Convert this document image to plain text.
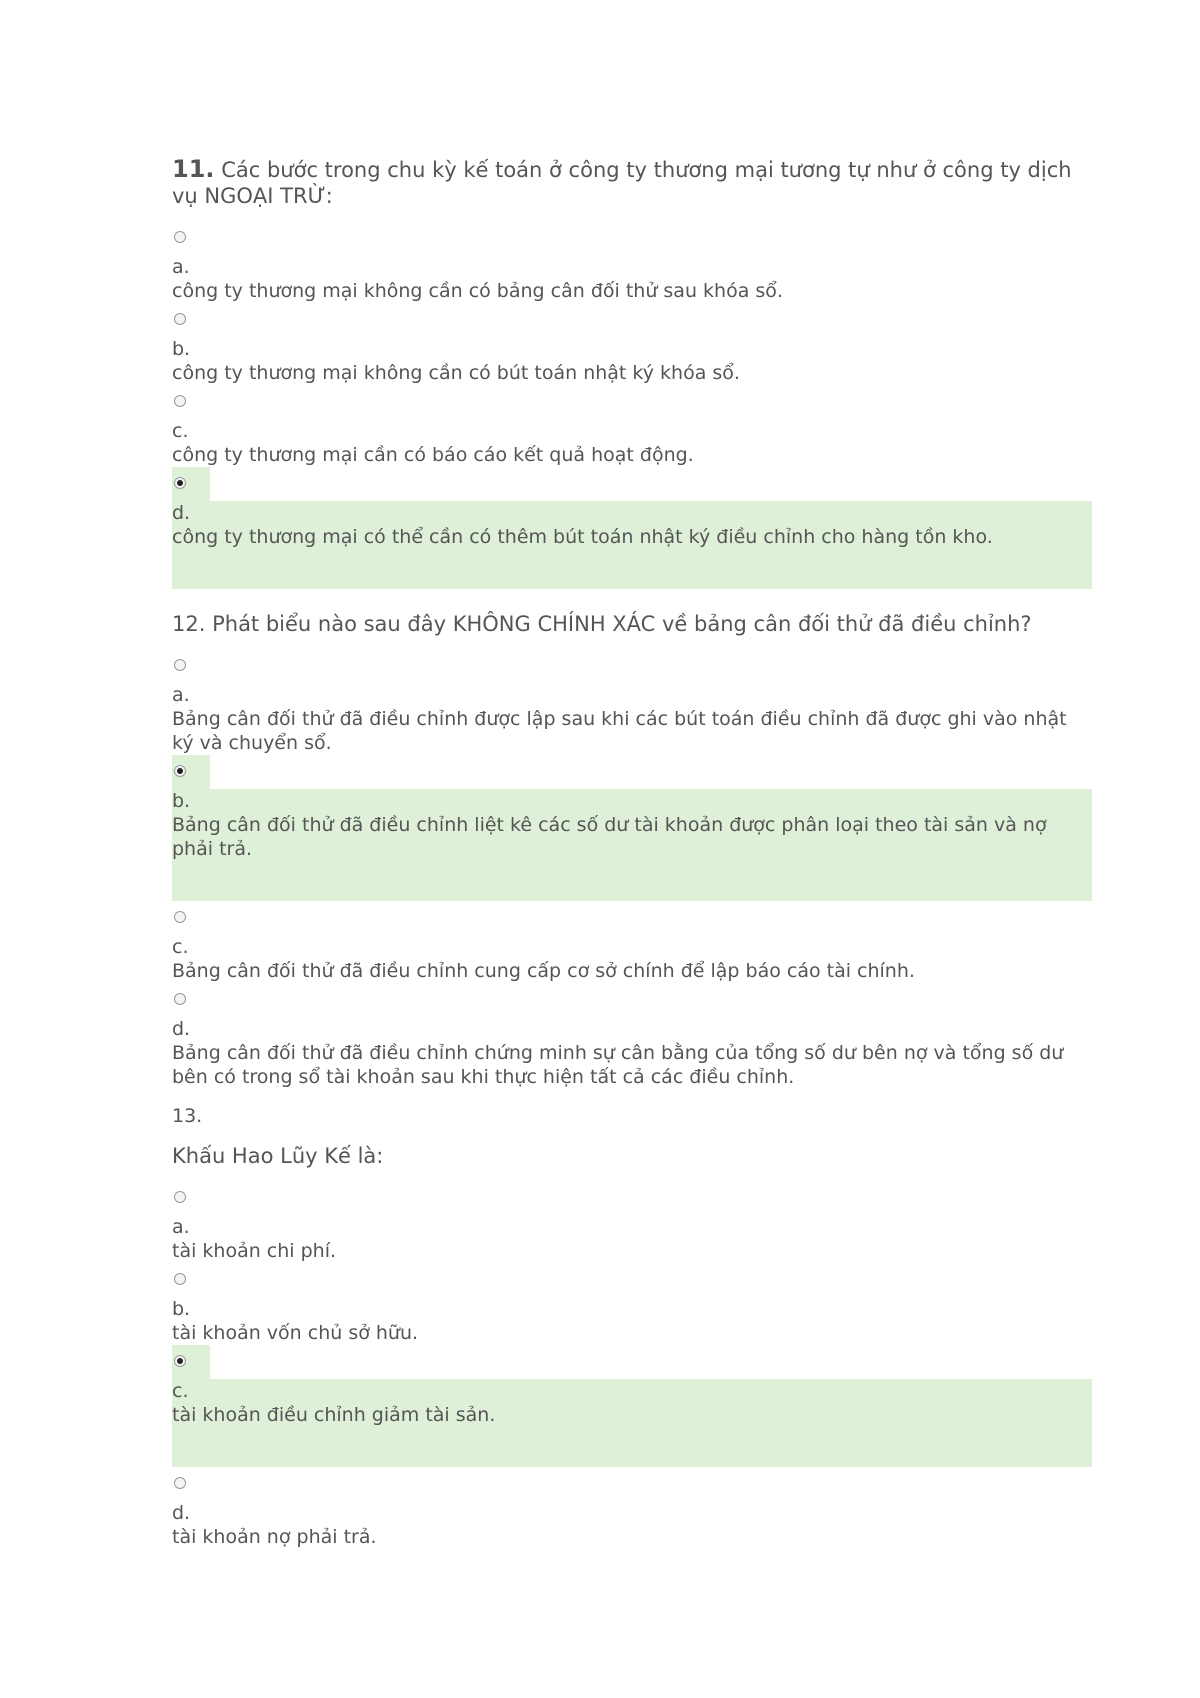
11. Các bước trong chu kỳ kế toán ở công ty thương mại tương tự như ở công ty dịch vụ NGOẠI TRỪ:

a.
công ty thương mại không cần có bảng cân đối thử sau khóa sổ.
b.
công ty thương mại không cần có bút toán nhật ký khóa sổ.
c.
công ty thương mại cần có báo cáo kết quả hoạt động.
d.
công ty thương mại có thể cần có thêm bút toán nhật ký điều chỉnh cho hàng tồn kho.

12. Phát biểu nào sau đây KHÔNG CHÍNH XÁC về bảng cân đối thử đã điều chỉnh?

a.
Bảng cân đối thử đã điều chỉnh được lập sau khi các bút toán điều chỉnh đã được ghi vào nhật ký và chuyển sổ.
b.
Bảng cân đối thử đã điều chỉnh liệt kê các số dư tài khoản được phân loại theo tài sản và nợ phải trả.
c.
Bảng cân đối thử đã điều chỉnh cung cấp cơ sở chính để lập báo cáo tài chính.
d.
Bảng cân đối thử đã điều chỉnh chứng minh sự cân bằng của tổng số dư bên nợ và tổng số dư bên có trong sổ tài khoản sau khi thực hiện tất cả các điều chỉnh.

13.

Khấu Hao Lũy Kế là:

a.
tài khoản chi phí.
b.
tài khoản vốn chủ sở hữu.
c.
tài khoản điều chỉnh giảm tài sản.
d.
tài khoản nợ phải trả.
